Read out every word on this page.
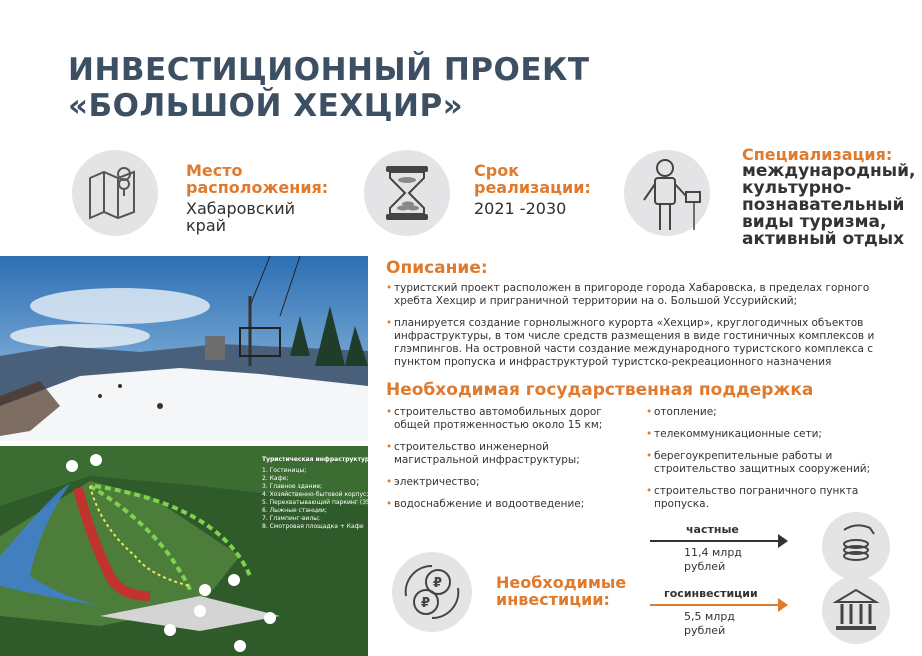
ИНВЕСТИЦИОННЫЙ ПРОЕКТ
«БОЛЬШОЙ ХЕХЦИР»
Место
расположения:
Хабаровский
край
Срок
реализации:
2021 -2030
Специализация:
международный,
культурно-
познавательный
виды туризма,
активный отдых
Туристическая инфраструктура
1. Гостиницы;
2. Кафе;
3. Главное здание;
4. Хозяйственно-бытовой корпус;
5. Перехватывающий паркинг (350 мест);
6. Лыжные станции;
7. Глэмпинг-вилы;
8. Смотровая площадка + Кафе
Описание:
• туристский проект расположен в пригороде города Хабаровска, в пределах горного хребта Хехцир и приграничной территории на о. Большой Уссурийский;
• планируется создание горнолыжного курорта «Хехцир», круглогодичных объектов инфраструктуры, в том числе средств размещения в виде гостиничных комплексов и глэмпингов. На островной части создание международного туристского комплекса с пунктом пропуска и инфраструктурой туристско-рекреационного назначения
Необходимая государственная поддержка
• строительство автомобильных дорог общей протяженностью около 15 км;
• строительство инженерной магистральной инфраструктуры;
• электричество;
• водоснабжение и водоотведение;
• отопление;
• телекоммуникационные сети;
• берегоукрепительные работы и строительство защитных сооружений;
• строительство пограничного пункта пропуска.
₽
₽
Необходимые
инвестиции:
частные
11,4 млрд
рублей
госинвестиции
5,5 млрд
рублей
